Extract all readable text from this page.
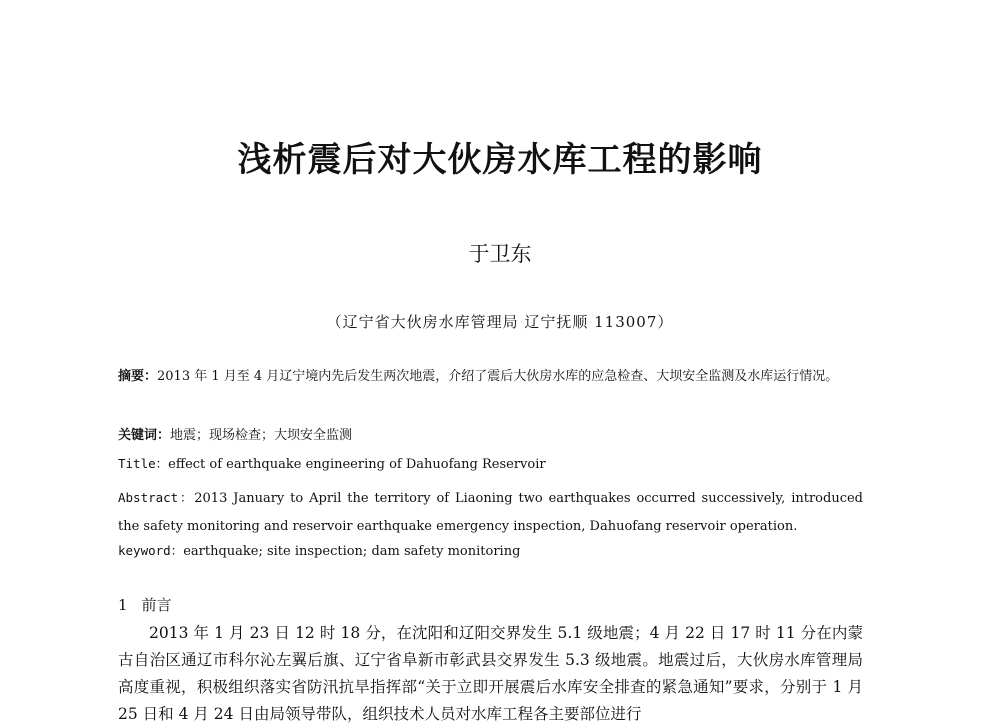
浅析震后对大伙房水库工程的影响
于卫东
（辽宁省大伙房水库管理局 辽宁抚顺 113007）
摘要：2013 年 1 月至 4 月辽宁境内先后发生两次地震，介绍了震后大伙房水库的应急检查、大坝安全监测及水库运行情况。
关键词：地震；现场检查；大坝安全监测
Title：effect of earthquake engineering of Dahuofang Reservoir
Abstract：2013 January to April the territory of Liaoning two earthquakes occurred successively, introduced the safety monitoring and reservoir earthquake emergency inspection, Dahuofang reservoir operation.
keyword：earthquake; site inspection; dam safety monitoring
1 前言
2013 年 1 月 23 日 12 时 18 分，在沈阳和辽阳交界发生 5.1 级地震；4 月 22 日 17 时 11 分在内蒙古自治区通辽市科尔沁左翼后旗、辽宁省阜新市彰武县交界发生 5.3 级地震。地震过后，大伙房水库管理局高度重视，积极组织落实省防汛抗旱指挥部“关于立即开展震后水库安全排查的紧急通知”要求，分别于 1 月 25 日和 4 月 24 日由局领导带队，组织技术人员对水库工程各主要部位进行
